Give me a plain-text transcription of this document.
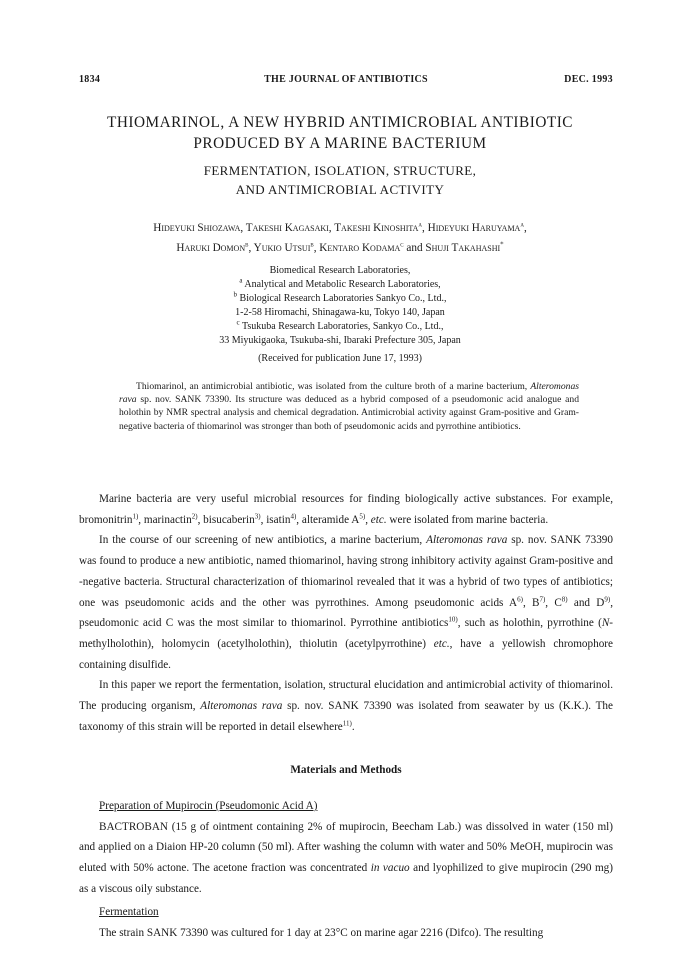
1834	THE JOURNAL OF ANTIBIOTICS	DEC. 1993
THIOMARINOL, A NEW HYBRID ANTIMICROBIAL ANTIBIOTIC
PRODUCED BY A MARINE BACTERIUM
FERMENTATION, ISOLATION, STRUCTURE,
AND ANTIMICROBIAL ACTIVITY
Hideyuki Shiozawa, Takeshi Kagasaki, Takeshi Kinoshita$^a$, Hideyuki Haruyama$^a$,
Haruki Domon$^b$, Yukio Utsui$^b$, Kentaro Kodama$^c$ and Shuji Takahashi*
Biomedical Research Laboratories,
$^a$ Analytical and Metabolic Research Laboratories,
$^b$ Biological Research Laboratories Sankyo Co., Ltd.,
1-2-58 Hiromachi, Shinagawa-ku, Tokyo 140, Japan
$^c$ Tsukuba Research Laboratories, Sankyo Co., Ltd.,
33 Miyukigaoka, Tsukuba-shi, Ibaraki Prefecture 305, Japan
(Received for publication June 17, 1993)
Thiomarinol, an antimicrobial antibiotic, was isolated from the culture broth of a marine bacterium, Alteromonas rava sp. nov. SANK 73390. Its structure was deduced as a hybrid composed of a pseudomonic acid analogue and holothin by NMR spectral analysis and chemical degradation. Antimicrobial activity against Gram-positive and Gram-negative bacteria of thiomarinol was stronger than both of pseudomonic acids and pyrrothine antibiotics.

Marine bacteria are very useful microbial resources for finding biologically active substances. For example, bromonitrin$^{1)}$, marinactin$^{2)}$, bisucaberin$^{3)}$, isatin$^{4)}$, alteramide $A^{5)}$, etc. were isolated from marine bacteria.

In the course of our screening of new antibiotics, a marine bacterium, Alteromonas rava sp. nov. SANK 73390 was found to produce a new antibiotic, named thiomarinol, having strong inhibitory activity against Gram-positive and -negative bacteria. Structural characterization of thiomarinol revealed that it was a hybrid of two types of antibiotics; one was pseudomonic acids and the other was pyrrothines. Among pseudomonic acids $A^{6)}$, $B^{7)}$, $C^{8)}$ and $D^{9)}$, pseudomonic acid C was the most similar to thiomarinol. Pyrrothine antibiotics$^{10)}$, such as holothin, pyrrothine (N-methylholothin), holomycin (acetylholothin), thiolutin (acetylpyrrothine) etc., have a yellowish chromophore containing disulfide.

In this paper we report the fermentation, isolation, structural elucidation and antimicrobial activity of thiomarinol. The producing organism, Alteromonas rava sp. nov. SANK 73390 was isolated from seawater by us (K.K.). The taxonomy of this strain will be reported in detail elsewhere$^{11)}$.

Materials and Methods

Preparation of Mupirocin (Pseudomonic Acid A)

BACTROBAN (15 g of ointment containing 2% of mupirocin, Beecham Lab.) was dissolved in water (150 ml) and applied on a Diaion HP-20 column (50 ml). After washing the column with water and 50% MeOH, mupirocin was eluted with 50% actone. The acetone fraction was concentrated in vacuo and lyophilized to give mupirocin (290 mg) as a viscous oily substance.

Fermentation

The strain SANK 73390 was cultured for 1 day at 23°C on marine agar 2216 (Difco). The resulting
